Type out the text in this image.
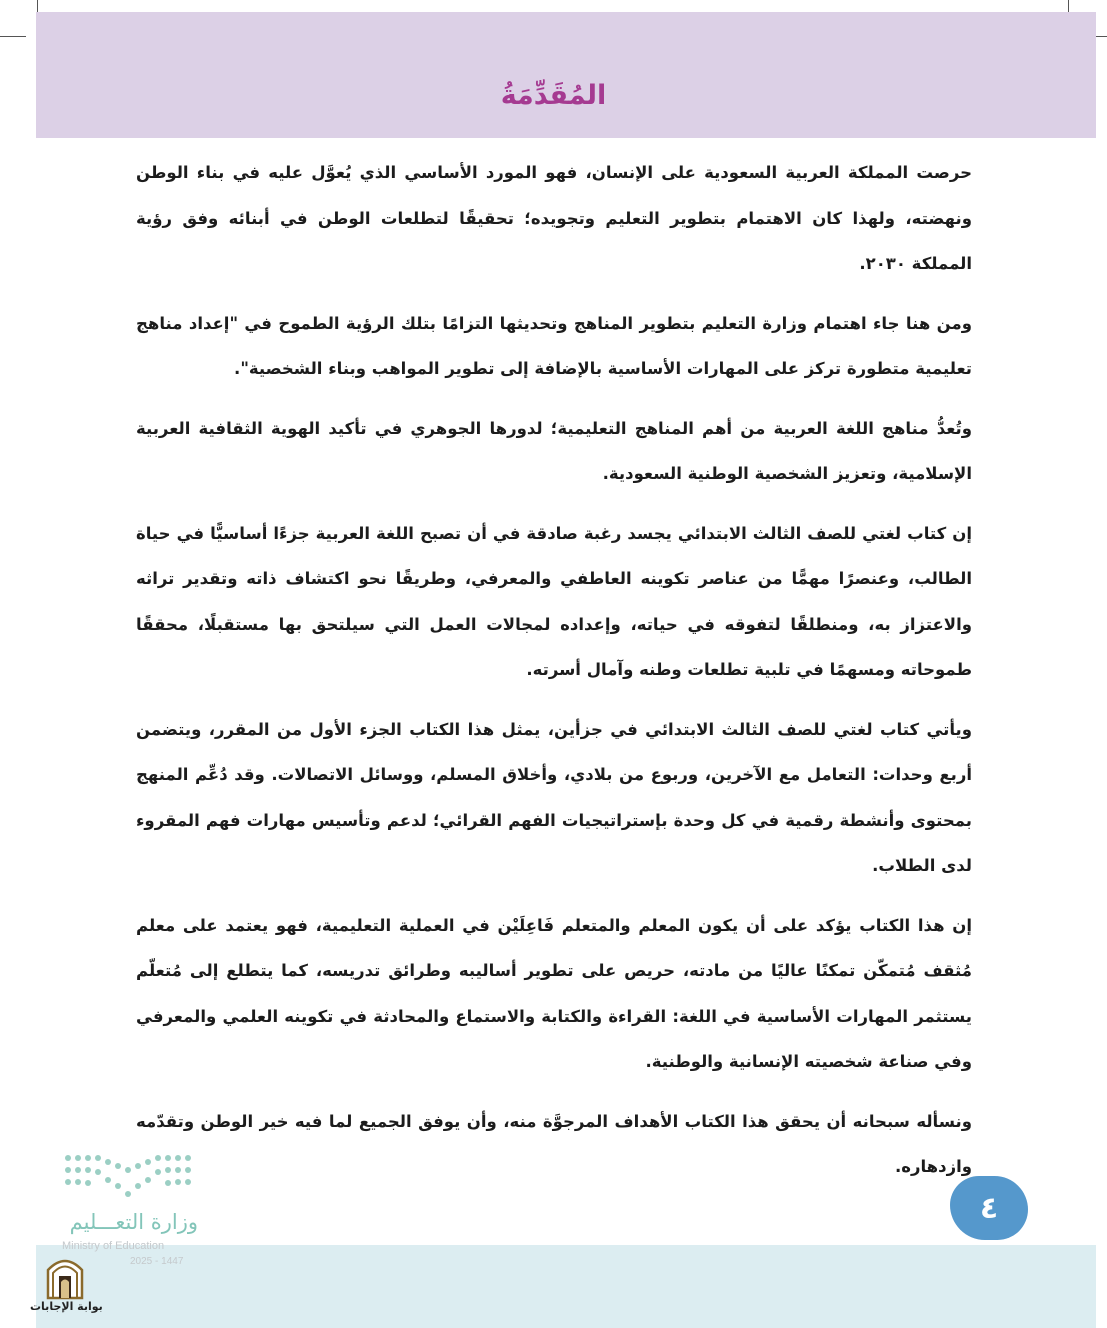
المُقَدِّمَةُ

حرصت المملكة العربية السعودية على الإنسان، فهو المورد الأساسي الذي يُعوَّل عليه في بناء الوطن ونهضته، ولهذا كان الاهتمام بتطوير التعليم وتجويده؛ تحقيقًا لتطلعات الوطن في أبنائه وفق رؤية المملكة ٢٠٣٠.

ومن هنا جاء اهتمام وزارة التعليم بتطوير المناهج وتحديثها التزامًا بتلك الرؤية الطموح في "إعداد مناهج تعليمية متطورة تركز على المهارات الأساسية بالإضافة إلى تطوير المواهب وبناء الشخصية".

وتُعدُّ مناهج اللغة العربية من أهم المناهج التعليمية؛ لدورها الجوهري في تأكيد الهوية الثقافية العربية الإسلامية، وتعزيز الشخصية الوطنية السعودية.

إن كتاب لغتي للصف الثالث الابتدائي يجسد رغبة صادقة في أن تصبح اللغة العربية جزءًا أساسيًّا في حياة الطالب، وعنصرًا مهمًّا من عناصر تكوينه العاطفي والمعرفي، وطريقًا نحو اكتشاف ذاته وتقدير تراثه والاعتزاز به، ومنطلقًا لتفوقه في حياته، وإعداده لمجالات العمل التي سيلتحق بها مستقبلًا، محققًا طموحاته ومسهمًا في تلبية تطلعات وطنه وآمال أسرته.

ويأتي كتاب لغتي للصف الثالث الابتدائي في جزأين، يمثل هذا الكتاب الجزء الأول من المقرر، ويتضمن أربع وحدات: التعامل مع الآخرين، وربوع من بلادي، وأخلاق المسلم، ووسائل الاتصالات. وقد دُعِّم المنهج بمحتوى وأنشطة رقمية في كل وحدة بإستراتيجيات الفهم القرائي؛ لدعم وتأسيس مهارات فهم المقروء لدى الطلاب.

إن هذا الكتاب يؤكد على أن يكون المعلم والمتعلم فَاعِلَيْن في العملية التعليمية، فهو يعتمد على معلم مُثقف مُتمكّن تمكنًا عاليًا من مادته، حريص على تطوير أساليبه وطرائق تدريسه، كما يتطلع إلى مُتعلّم يستثمر المهارات الأساسية في اللغة: القراءة والكتابة والاستماع والمحادثة في تكوينه العلمي والمعرفي وفي صناعة شخصيته الإنسانية والوطنية.

ونسأله سبحانه أن يحقق هذا الكتاب الأهداف المرجوَّة منه، وأن يوفق الجميع لما فيه خير الوطن وتقدّمه وازدهاره.

٤
وزارة التعـــليم
Ministry of Education
2025 - 1447
بوابة الإجابات
